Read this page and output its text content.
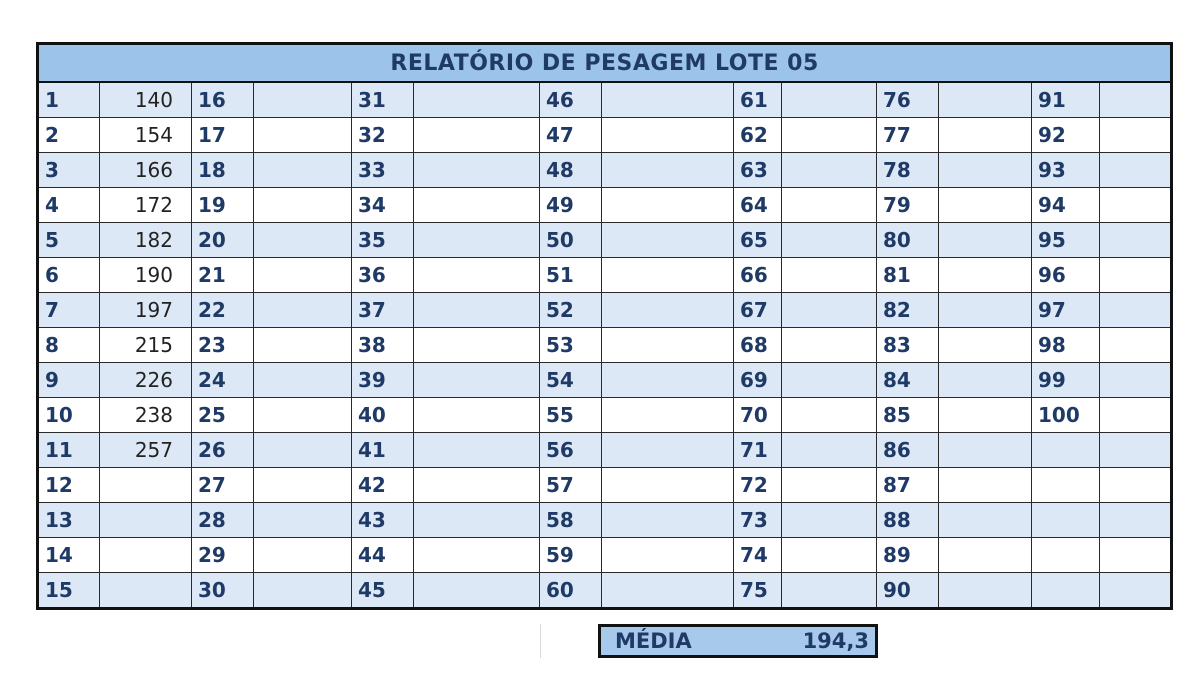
RELATÓRIO DE PESAGEM LOTE 05													
1	140	16		31		46		61		76		91	
2	154	17		32		47		62		77		92	
3	166	18		33		48		63		78		93	
4	172	19		34		49		64		79		94	
5	182	20		35		50		65		80		95	
6	190	21		36		51		66		81		96	
7	197	22		37		52		67		82		97	
8	215	23		38		53		68		83		98	
9	226	24		39		54		69		84		99	
10	238	25		40		55		70		85		100	
11	257	26		41		56		71		86			
12		27		42		57		72		87			
13		28		43		58		73		88			
14		29		44		59		74		89			
15		30		45		60		75		90			
MÉDIA	194,3
